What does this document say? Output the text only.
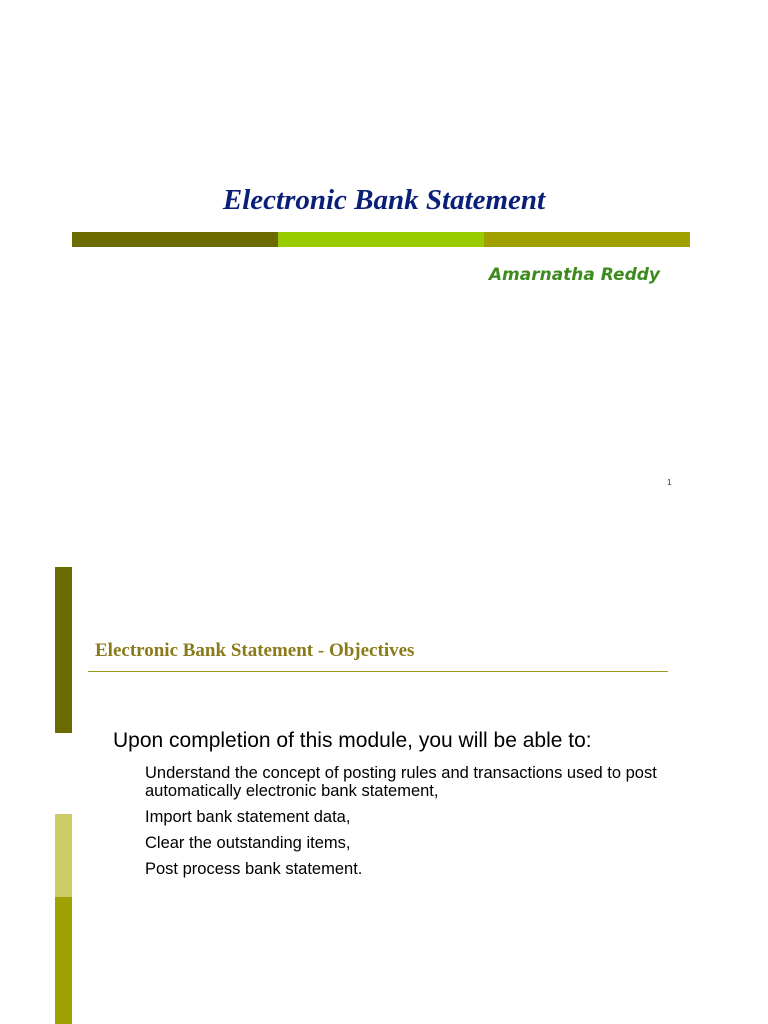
Electronic Bank Statement
Amarnatha Reddy
1
Electronic Bank Statement - Objectives
Upon completion of this module, you will be able to:
Understand the concept of posting rules and transactions used to post automatically electronic bank statement,
Import bank statement data,
Clear the outstanding items,
Post process bank statement.
